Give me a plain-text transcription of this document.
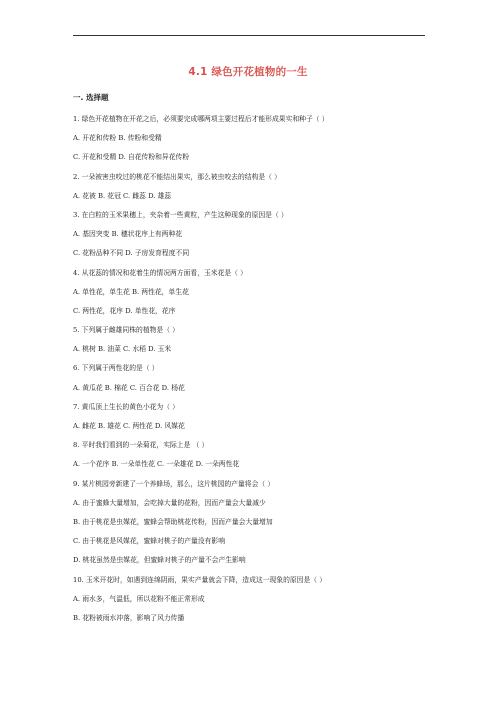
4.1 绿色开花植物的一生
一. 选择题
1. 绿色开花植物在开花之后，必须要完成哪两项主要过程后才能形成果实和种子（ ）
A. 开花和传粉 B. 传粉和受精
C. 开花和受精 D. 自花传粉和异花传粉
2. 一朵被害虫咬过的桃花不能结出果实，那么被虫咬去的结构是（ ）
A. 花被 B. 花冠 C. 雌蕊 D. 雄蕊
3. 在白粒的玉米果穗上，夹杂着一些黄粒，产生这种现象的原因是（ ）
A. 基因突变 B. 穗状花序上有两种花
C. 花粉品种不同 D. 子房发育程度不同
4. 从花蕊的情况和花着生的情况两方面看，玉米花是（ ）
A. 单性花，单生花 B. 两性花，单生花
C. 两性花，花序 D. 单性花，花序
5. 下列属于雌雄同株的植物是（ ）
A. 桃树 B. 油菜 C. 水稻 D. 玉米
6. 下列属于两性花的是（ ）
A. 黄瓜花 B. 棉花 C. 百合花 D. 杨花
7. 黄瓜顶上生长的黄色小花为（ ）
A. 雌花 B. 雄花 C. 两性花 D. 风媒花
8. 平时我们看到的一朵菊花，实际上是 （ ）
A. 一个花序 B. 一朵单性花 C. 一朵雄花 D. 一朵两性花
9. 某片桃园旁新建了一个养蜂场，那么，这片桃园的产量将会（ ）
A. 由于蜜蜂大量增加，会吃掉大量的花粉，因而产量会大量减少
B. 由于桃花是虫媒花，蜜蜂会帮助桃花传粉，因而产量会大量增加
C. 由于桃花是风媒花，蜜蜂对桃子的产量没有影响
D. 桃花虽然是虫媒花，但蜜蜂对桃子的产量不会产生影响
10. 玉米开花时，如遇到连绵阴雨，果实产量就会下降，造成这一现象的原因是（ ）
A. 雨水多，气温低，所以花粉不能正常形成
B. 花粉被雨水冲落，影响了风力传播
